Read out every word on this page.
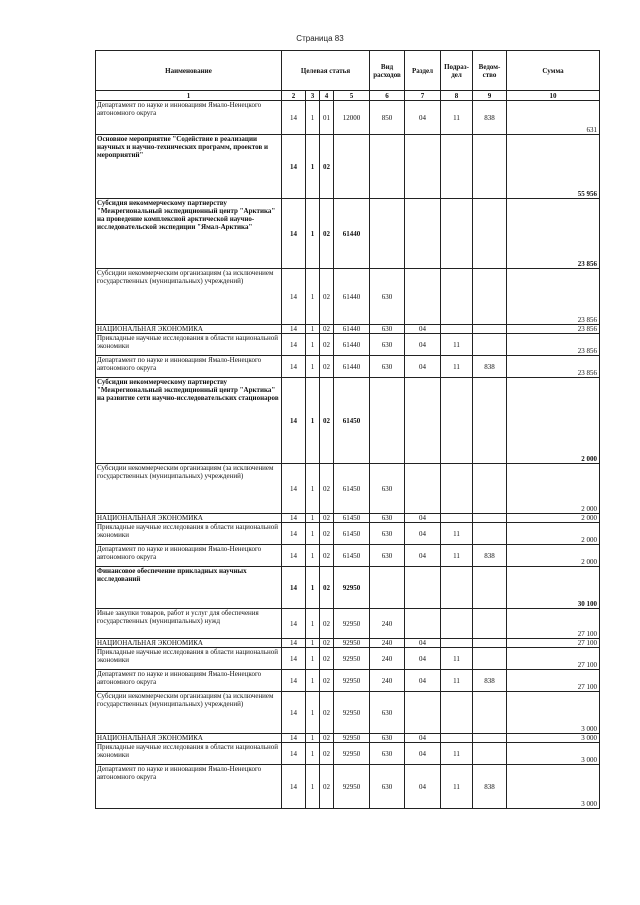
Страница 83
Наименование	Целевая статья				Вид расходов	Раздел	Подраз-дел	Ведом-ство	Сумма
1	2	3	4	5	6	7	8	9	10
Департамент по науке и инновациям Ямало-Ненецкого автономного округа	14	1	01	12000	850	04	11	838	631
Основное мероприятие "Содействие в реализации научных и научно-технических программ, проектов и мероприятий"	14	1	02						55 956
Субсидия некоммерческому партнерству "Межрегиональный экспедиционный центр "Арктика" на проведение комплексной арктической научно-исследовательской экспедиции "Ямал-Арктика"	14	1	02	61440					23 856
Субсидии некоммерческим организациям (за исключением государственных (муниципальных) учреждений)	14	1	02	61440	630				23 856
НАЦИОНАЛЬНАЯ ЭКОНОМИКА	14	1	02	61440	630	04			23 856
Прикладные научные исследования в области национальной экономики	14	1	02	61440	630	04	11		23 856
Департамент по науке и инновациям Ямало-Ненецкого автономного округа	14	1	02	61440	630	04	11	838	23 856
Субсидии некоммерческому партнерству "Межрегиональный экспедиционный центр "Арктика" на развитие сети научно-исследовательских стационаров	14	1	02	61450					2 000
Субсидии некоммерческим организациям (за исключением государственных (муниципальных) учреждений)	14	1	02	61450	630				2 000
НАЦИОНАЛЬНАЯ ЭКОНОМИКА	14	1	02	61450	630	04			2 000
Прикладные научные исследования в области национальной экономики	14	1	02	61450	630	04	11		2 000
Департамент по науке и инновациям Ямало-Ненецкого автономного округа	14	1	02	61450	630	04	11	838	2 000
Финансовое обеспечение прикладных научных исследований	14	1	02	92950					30 100
Иные закупки товаров, работ и услуг для обеспечения государственных (муниципальных) нужд	14	1	02	92950	240				27 100
НАЦИОНАЛЬНАЯ ЭКОНОМИКА	14	1	02	92950	240	04			27 100
Прикладные научные исследования в области национальной экономики	14	1	02	92950	240	04	11		27 100
Департамент по науке и инновациям Ямало-Ненецкого автономного округа	14	1	02	92950	240	04	11	838	27 100
Субсидии некоммерческим организациям (за исключением государственных (муниципальных) учреждений)	14	1	02	92950	630				3 000
НАЦИОНАЛЬНАЯ ЭКОНОМИКА	14	1	02	92950	630	04			3 000
Прикладные научные исследования в области национальной экономики	14	1	02	92950	630	04	11		3 000
Департамент по науке и инновациям Ямало-Ненецкого автономного округа	14	1	02	92950	630	04	11	838	3 000
